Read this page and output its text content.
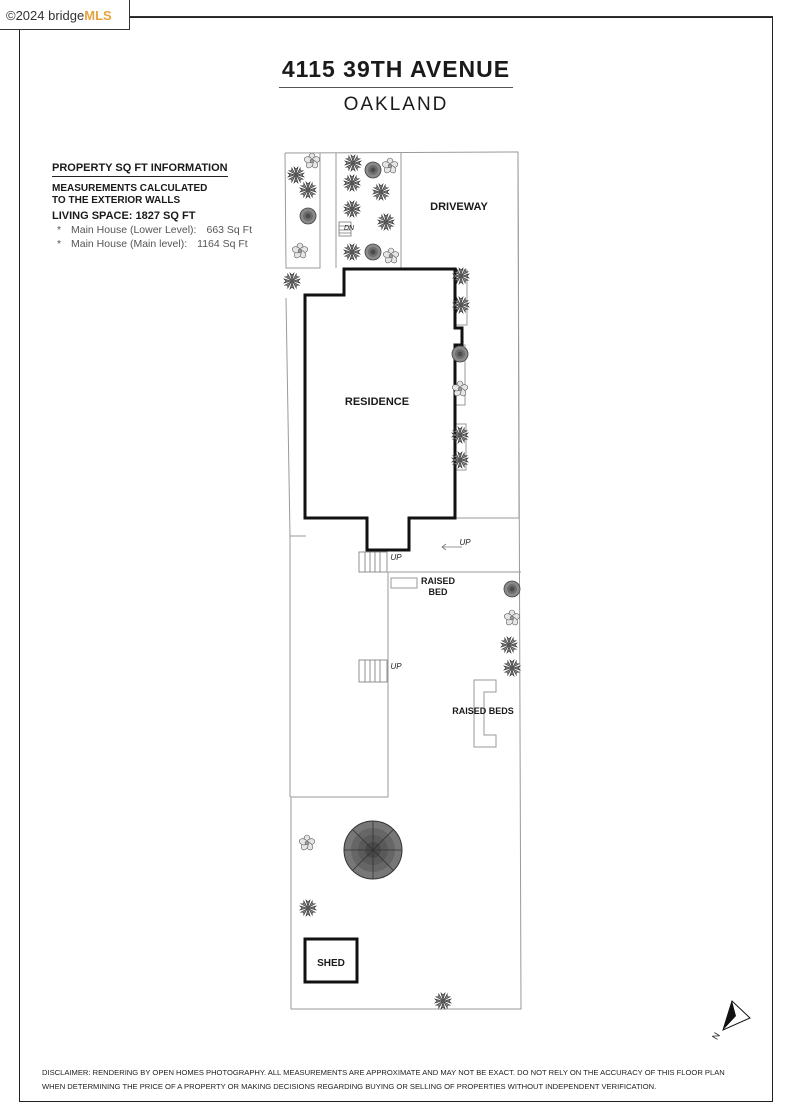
©2024 bridgeMLS
4115 39TH AVENUE
OAKLAND
PROPERTY SQ FT INFORMATION
MEASUREMENTS CALCULATED
TO THE EXTERIOR WALLS
LIVING SPACE: 1827 SQ FT
* Main House (Lower Level): 663 Sq Ft
* Main House (Main level): 1164 Sq Ft
DRIVEWAY
RESIDENCE
DN
UP
UP
UP
RAISED
BED
RAISED BEDS
SHED
N
DISCLAIMER: RENDERING BY OPEN HOMES PHOTOGRAPHY. ALL MEASUREMENTS ARE APPROXIMATE AND MAY NOT BE EXACT. DO NOT RELY ON THE ACCURACY OF THIS FLOOR PLAN
WHEN DETERMINING THE PRICE OF A PROPERTY OR MAKING DECISIONS REGARDING BUYING OR SELLING OF PROPERTIES WITHOUT INDEPENDENT VERIFICATION.
